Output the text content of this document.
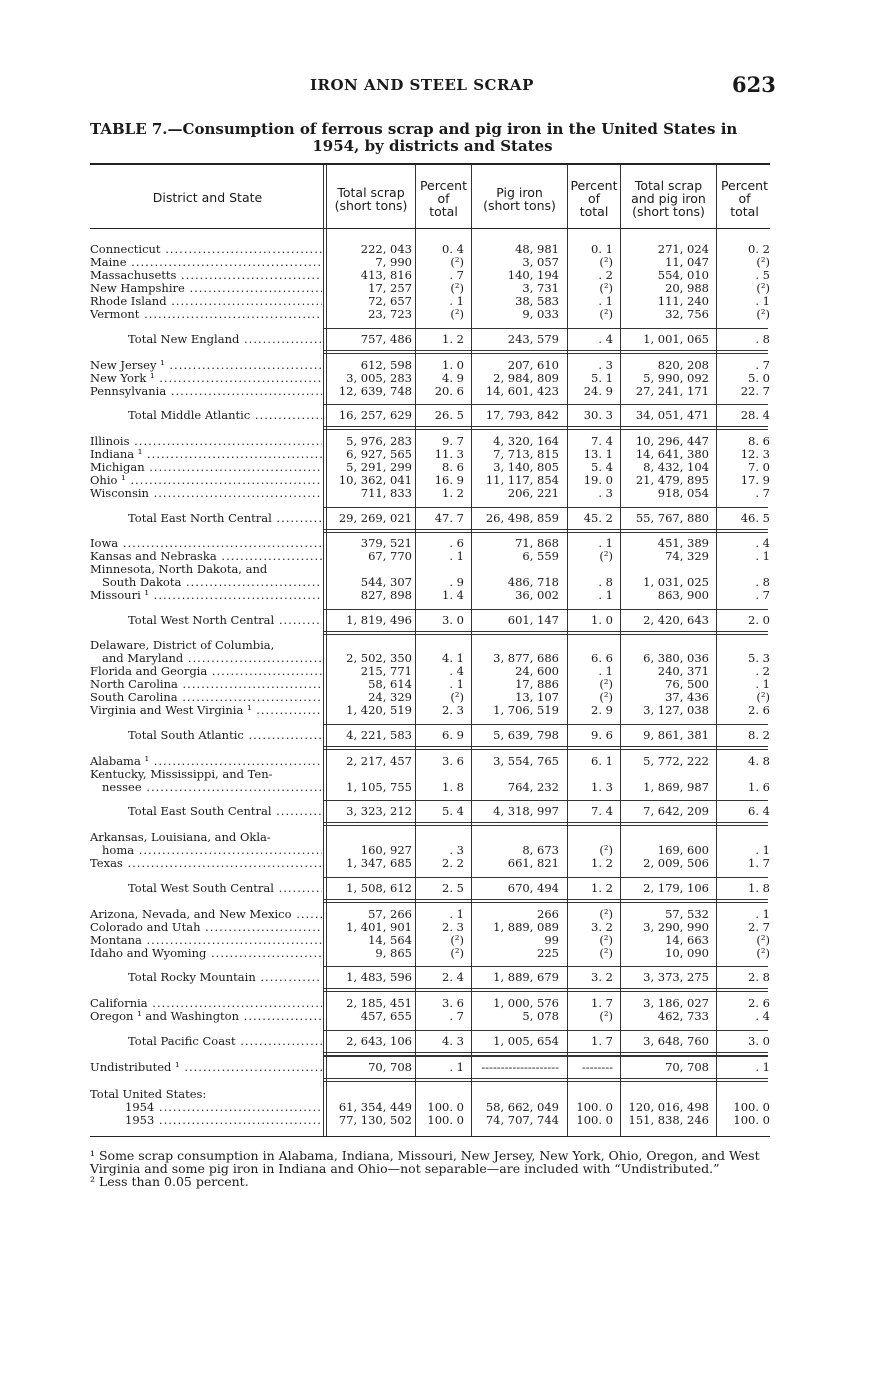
IRON AND STEEL SCRAP	623
TABLE 7.—Consumption of ferrous scrap and pig iron in the United States in
1954, by districts and States
District and State	Total scrap
(short tons)
Percent
of
total
Pig iron
(short tons)
Percent
of
total
Total scrap
and pig iron
(short tons)
Percent
of
total
Connecticut .....	222, 043	0. 4	48, 981	0. 1	271, 024	0. 2
Maine .....	7, 990	(²)	3, 057	(²)	11, 047	(²)
Massachusetts .....	413, 816	. 7	140, 194	. 2	554, 010	. 5
New Hampshire .....	17, 257	(²)	3, 731	(²)	20, 988	(²)
Rhode Island .....	72, 657	. 1	38, 583	. 1	111, 240	. 1
Vermont .....	23, 723	(²)	9, 033	(²)	32, 756	(²)
Total New England .....	757, 486	1. 2	243, 579	. 4	1, 001, 065	. 8
New Jersey ¹ .....	612, 598	1. 0	207, 610	. 3	820, 208	. 7
New York ¹ .....	3, 005, 283	4. 9	2, 984, 809	5. 1	5, 990, 092	5. 0
Pennsylvania .....	12, 639, 748	20. 6	14, 601, 423	24. 9	27, 241, 171	22. 7
Total Middle Atlantic .....	16, 257, 629	26. 5	17, 793, 842	30. 3	34, 051, 471	28. 4
Illinois .....	5, 976, 283	9. 7	4, 320, 164	7. 4	10, 296, 447	8. 6
Indiana ¹ .....	6, 927, 565	11. 3	7, 713, 815	13. 1	14, 641, 380	12. 3
Michigan .....	5, 291, 299	8. 6	3, 140, 805	5. 4	8, 432, 104	7. 0
Ohio ¹ .....	10, 362, 041	16. 9	11, 117, 854	19. 0	21, 479, 895	17. 9
Wisconsin .....	711, 833	1. 2	206, 221	. 3	918, 054	. 7
Total East North Central .....	29, 269, 021	47. 7	26, 498, 859	45. 2	55, 767, 880	46. 5
Iowa .....	379, 521	. 6	71, 868	. 1	451, 389	. 4
Kansas and Nebraska .....	67, 770	. 1	6, 559	(²)	74, 329	. 1
Minnesota, North Dakota, and
South Dakota .....	544, 307	. 9	486, 718	. 8	1, 031, 025	. 8
Missouri ¹ .....	827, 898	1. 4	36, 002	. 1	863, 900	. 7
Total West North Central .....	1, 819, 496	3. 0	601, 147	1. 0	2, 420, 643	2. 0
Delaware, District of Columbia,
and Maryland .....	2, 502, 350	4. 1	3, 877, 686	6. 6	6, 380, 036	5. 3
Florida and Georgia .....	215, 771	. 4	24, 600	. 1	240, 371	. 2
North Carolina .....	58, 614	. 1	17, 886	(²)	76, 500	. 1
South Carolina .....	24, 329	(²)	13, 107	(²)	37, 436	(²)
Virginia and West Virginia ¹ .....	1, 420, 519	2. 3	1, 706, 519	2. 9	3, 127, 038	2. 6
Total South Atlantic .....	4, 221, 583	6. 9	5, 639, 798	9. 6	9, 861, 381	8. 2
Alabama ¹ .....	2, 217, 457	3. 6	3, 554, 765	6. 1	5, 772, 222	4. 8
Kentucky, Mississippi, and Ten-
nessee .....	1, 105, 755	1. 8	764, 232	1. 3	1, 869, 987	1. 6
Total East South Central .....	3, 323, 212	5. 4	4, 318, 997	7. 4	7, 642, 209	6. 4
Arkansas, Louisiana, and Okla-
homa .....	160, 927	. 3	8, 673	(²)	169, 600	. 1
Texas .....	1, 347, 685	2. 2	661, 821	1. 2	2, 009, 506	1. 7
Total West South Central .....	1, 508, 612	2. 5	670, 494	1. 2	2, 179, 106	1. 8
Arizona, Nevada, and New Mexico .....	57, 266	. 1	266	(²)	57, 532	. 1
Colorado and Utah .....	1, 401, 901	2. 3	1, 889, 089	3. 2	3, 290, 990	2. 7
Montana .....	14, 564	(²)	99	(²)	14, 663	(²)
Idaho and Wyoming .....	9, 865	(²)	225	(²)	10, 090	(²)
Total Rocky Mountain .....	1, 483, 596	2. 4	1, 889, 679	3. 2	3, 373, 275	2. 8
California .....	2, 185, 451	3. 6	1, 000, 576	1. 7	3, 186, 027	2. 6
Oregon ¹ and Washington .....	457, 655	. 7	5, 078	(²)	462, 733	. 4
Total Pacific Coast .....	2, 643, 106	4. 3	1, 005, 654	1. 7	3, 648, 760	3. 0
Undistributed ¹ .....	70, 708	. 1	--------------------	--------	70, 708	. 1
Total United States:
1954 .....	61, 354, 449	100. 0	58, 662, 049	100. 0	120, 016, 498	100. 0
1953 .....	77, 130, 502	100. 0	74, 707, 744	100. 0	151, 838, 246	100. 0

¹ Some scrap consumption in Alabama, Indiana, Missouri, New Jersey, New York, Ohio, Oregon, and West Virginia and some pig iron in Indiana and Ohio—not separable—are included with “Undistributed.”

² Less than 0.05 percent.
